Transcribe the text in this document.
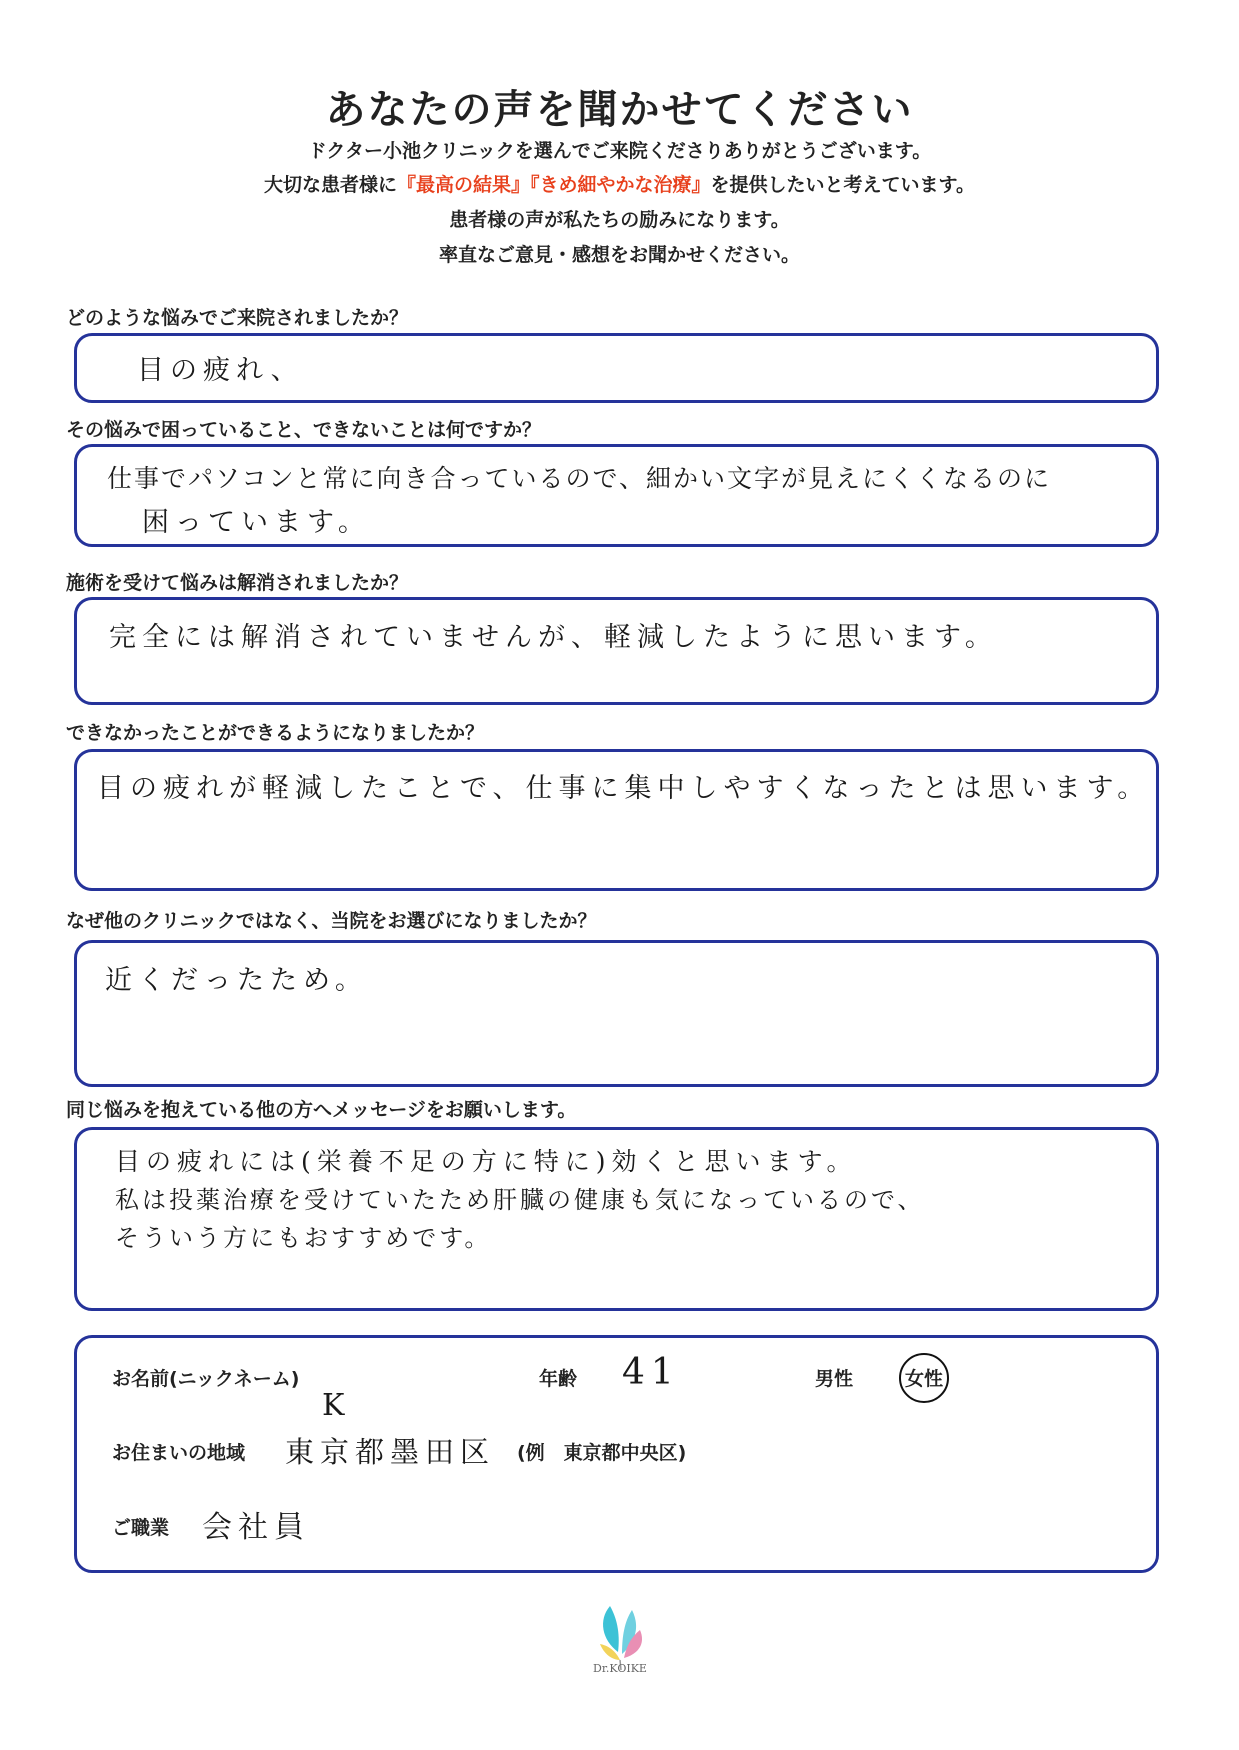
あなたの声を聞かせてください
ドクター小池クリニックを選んでご来院くださりありがとうございます。
大切な患者様に『最高の結果』『きめ細やかな治療』を提供したいと考えています。
患者様の声が私たちの励みになります。
率直なご意見・感想をお聞かせください。
どのような悩みでご来院されましたか？
目の疲れ、
その悩みで困っていること、できないことは何ですか？
仕事でパソコンと常に向き合っているので、細かい文字が見えにくくなるのに
困っています。
施術を受けて悩みは解消されましたか？
完全には解消されていませんが、軽減したように思います。
できなかったことができるようになりましたか？
目の疲れが軽減したことで、仕事に集中しやすくなったとは思います。
なぜ他のクリニックではなく、当院をお選びになりましたか？
近くだったため。
同じ悩みを抱えている他の方へメッセージをお願いします。
目の疲れには(栄養不足の方に特に)効くと思います。
私は投薬治療を受けていたため肝臓の健康も気になっているので、
そういう方にもおすすめです。
お名前(ニックネーム)
K
年齢 41	男性	女性
お住まいの地域 東京都墨田区 (例　東京都中央区)
ご職業 会社員
Dr.KOIKE
